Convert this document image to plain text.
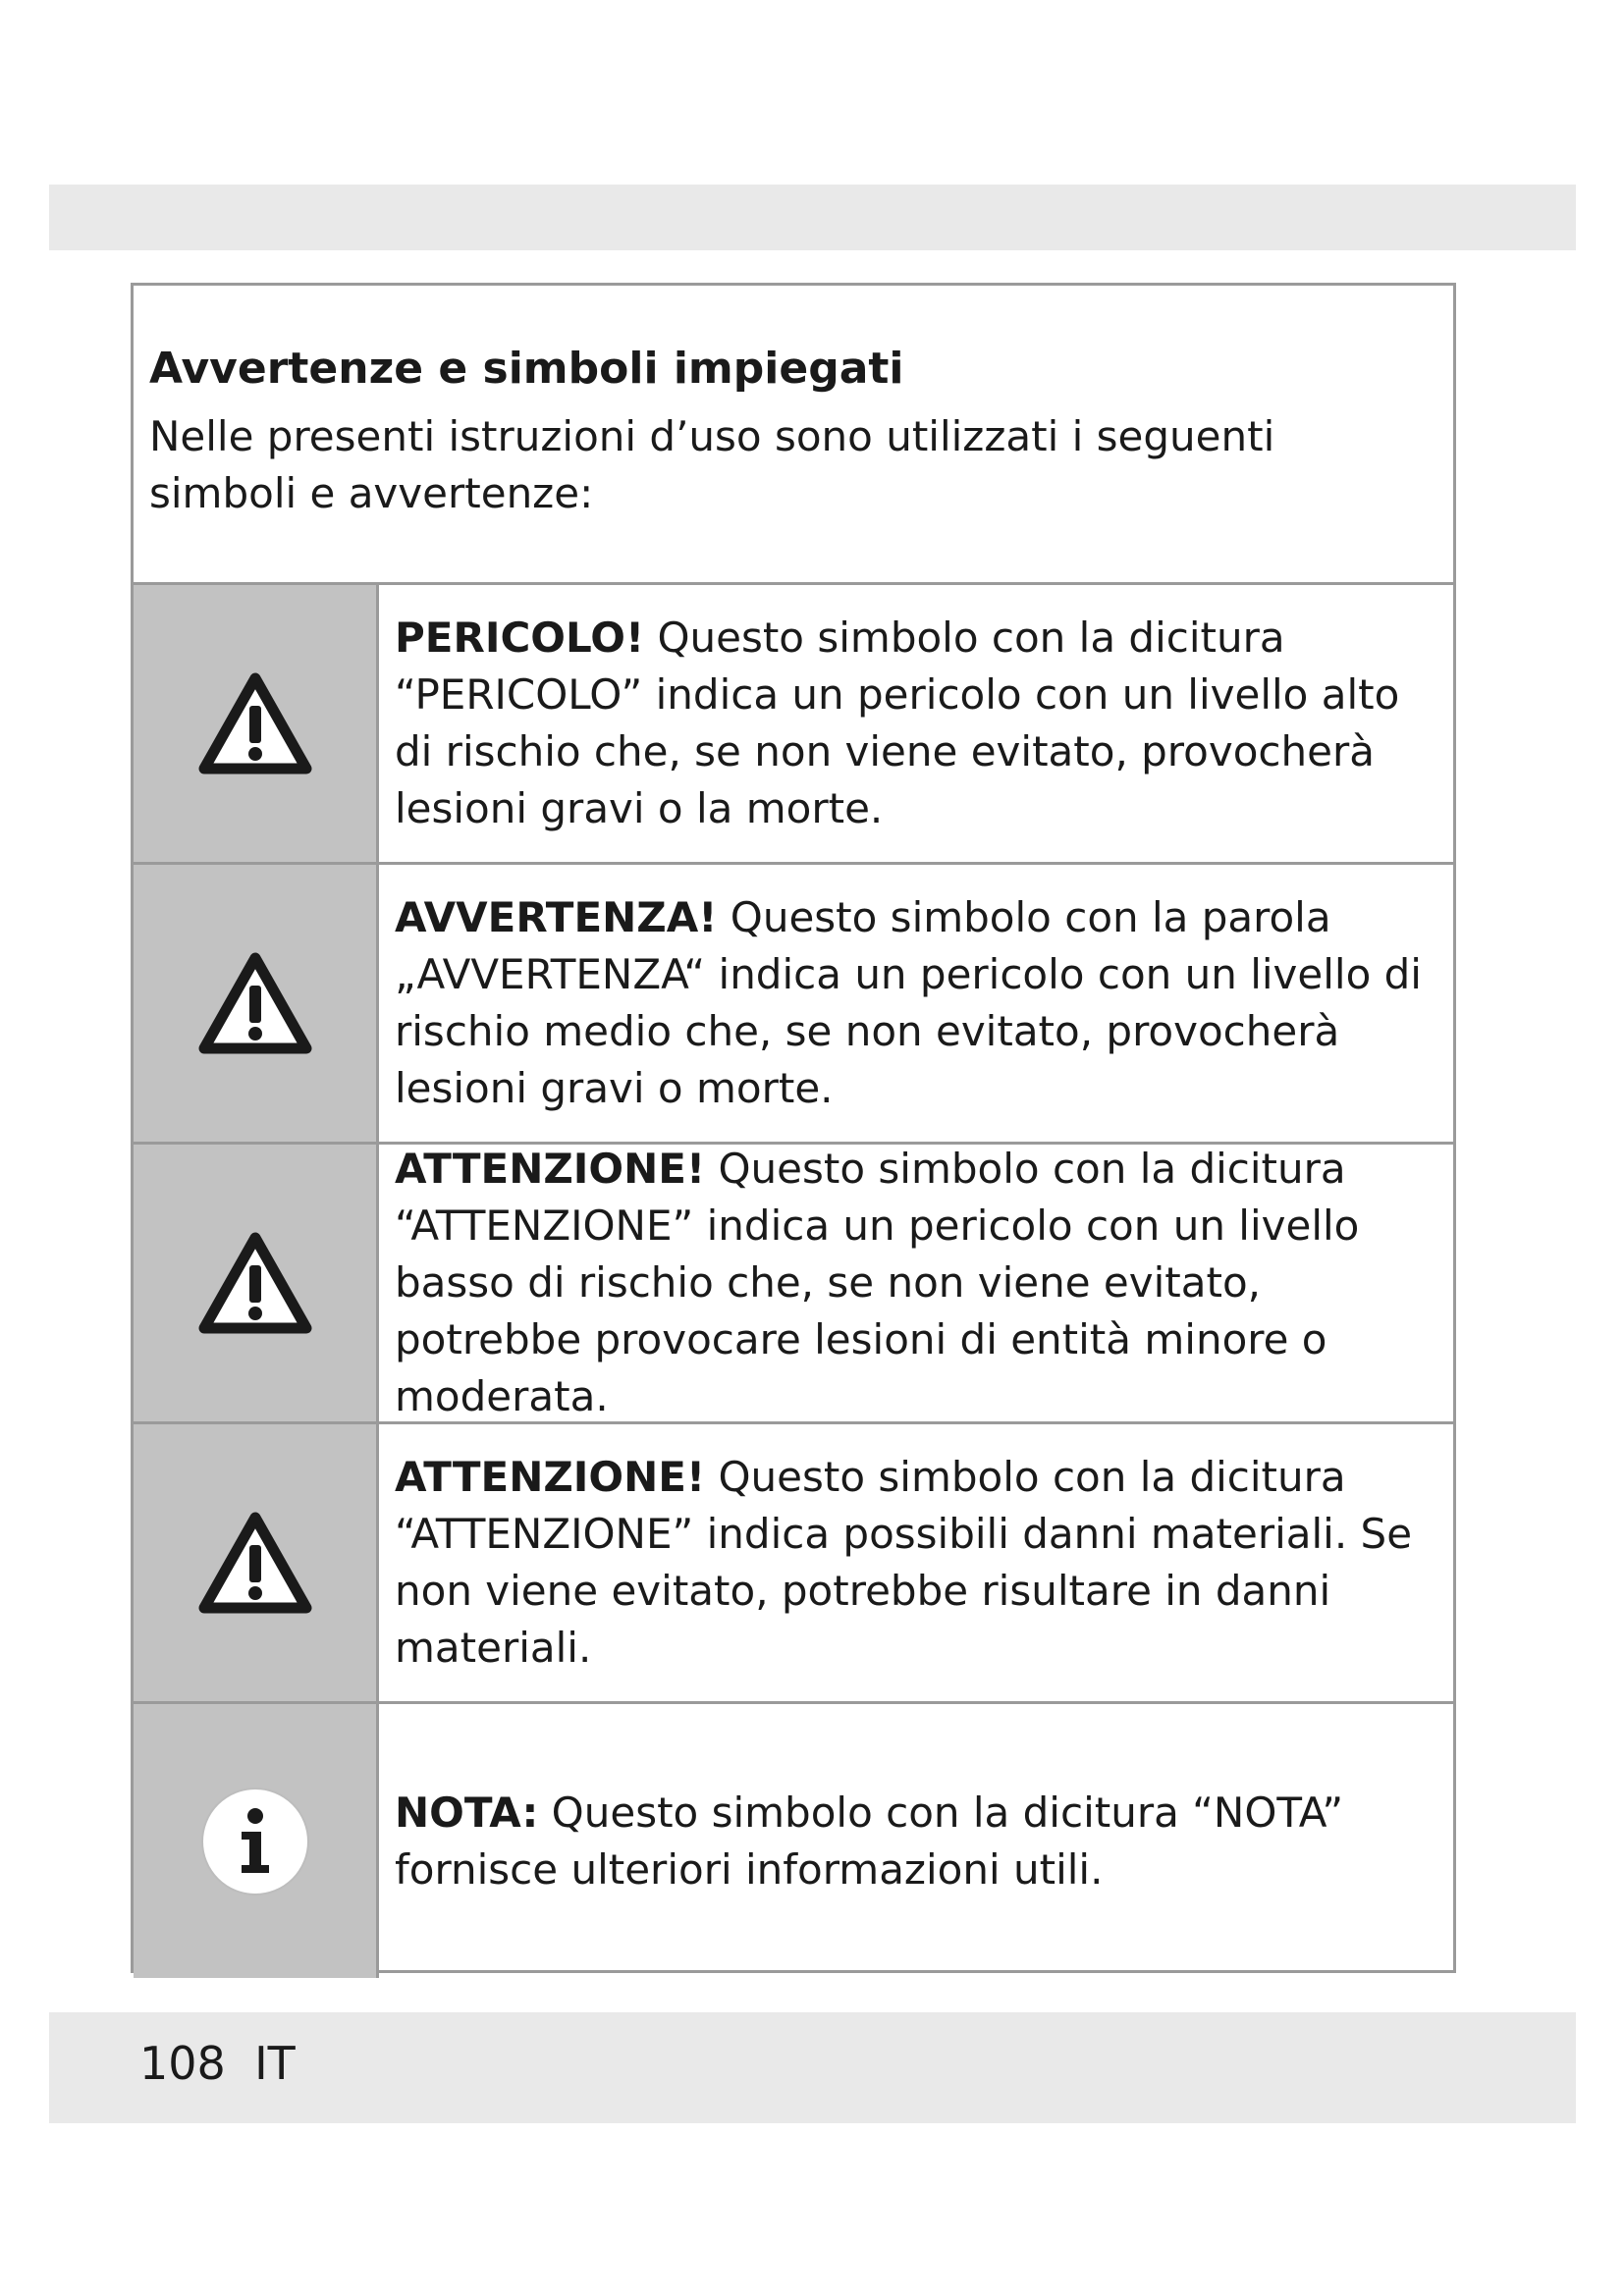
Avvertenze e simboli impiegati

Nelle presenti istruzioni d’uso sono utilizzati i seguenti simboli e avvertenze:

PERICOLO! Questo simbolo con la dicitura “PERICOLO” indica un pericolo con un livello alto di rischio che, se non viene evitato, provocherà lesioni gravi o la morte.
AVVERTENZA! Questo simbolo con la parola „AVVERTENZA“ indica un pericolo con un livello di rischio medio che, se non evitato, provocherà lesioni gravi o morte.
ATTENZIONE! Questo simbolo con la dicitura “ATTENZIONE” indica un pericolo con un livello basso di rischio che, se non viene evitato, potrebbe provocare lesioni di entità minore o moderata.
ATTENZIONE! Questo simbolo con la dicitura “ATTENZIONE” indica possibili danni materiali. Se non viene evitato, potrebbe risultare in danni materiali.
NOTA: Questo simbolo con la dicitura “NOTA” fornisce ulteriori informazioni utili.
108 IT
